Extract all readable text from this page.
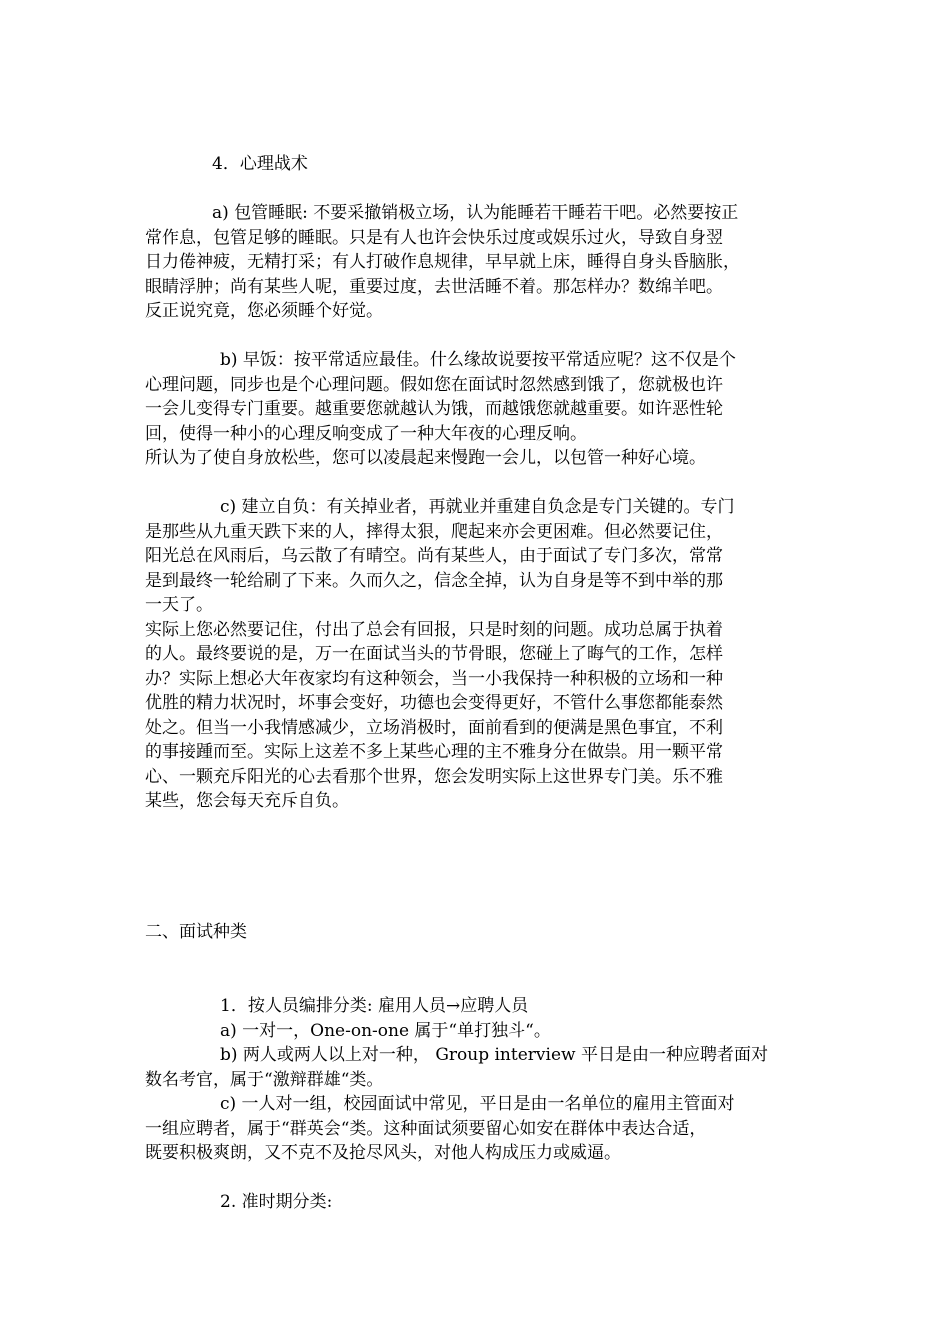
4．心理战术
a) 包管睡眠: 不要采撤销极立场，认为能睡若干睡若干吧。必然要按正
常作息，包管足够的睡眠。只是有人也许会快乐过度或娱乐过火，导致自身翌
日力倦神疲，无精打采；有人打破作息规律，早早就上床，睡得自身头昏脑胀，
眼睛浮肿；尚有某些人呢，重要过度，去世活睡不着。那怎样办？数绵羊吧。
反正说究竟，您必须睡个好觉。
b) 早饭：按平常适应最佳。什么缘故说要按平常适应呢？这不仅是个
心理问题，同步也是个心理问题。假如您在面试时忽然感到饿了，您就极也许
一会儿变得专门重要。越重要您就越认为饿，而越饿您就越重要。如许恶性轮
回，使得一种小的心理反响变成了一种大年夜的心理反响。
所认为了使自身放松些，您可以凌晨起来慢跑一会儿，以包管一种好心境。
c) 建立自负：有关掉业者，再就业并重建自负念是专门关键的。专门
是那些从九重天跌下来的人，摔得太狠，爬起来亦会更困难。但必然要记住，
阳光总在风雨后，乌云散了有晴空。尚有某些人，由于面试了专门多次，常常
是到最终一轮给刷了下来。久而久之，信念全掉，认为自身是等不到中举的那
一天了。
实际上您必然要记住，付出了总会有回报，只是时刻的问题。成功总属于执着
的人。最终要说的是，万一在面试当头的节骨眼，您碰上了晦气的工作，怎样
办？实际上想必大年夜家均有这种领会，当一小我保持一种积极的立场和一种
优胜的精力状况时，坏事会变好，功德也会变得更好，不管什么事您都能泰然
处之。但当一小我情感减少，立场消极时，面前看到的便满是黑色事宜，不利
的事接踵而至。实际上这差不多上某些心理的主不雅身分在做祟。用一颗平常
心、一颗充斥阳光的心去看那个世界，您会发明实际上这世界专门美。乐不雅
某些，您会每天充斥自负。
二、面试种类
1．按人员编排分类: 雇用人员→应聘人员
a) 一对一，One-on-one 属于“单打独斗“。
b) 两人或两人以上对一种， Group interview 平日是由一种应聘者面对
数名考官，属于“激辩群雄“类。
c) 一人对一组，校园面试中常见，平日是由一名单位的雇用主管面对
一组应聘者，属于“群英会“类。这种面试须要留心如安在群体中表达合适，
既要积极爽朗，又不克不及抢尽风头，对他人构成压力或威逼。
2. 准时期分类:
